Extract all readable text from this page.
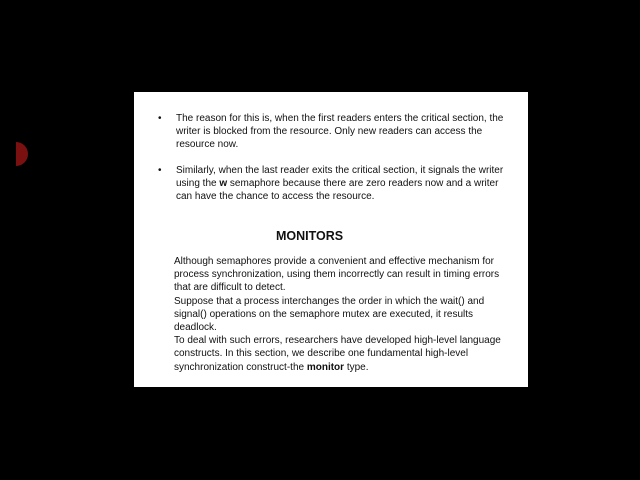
• The reason for this is, when the first readers enters the critical section, the writer is blocked from the resource. Only new readers can access the resource now.
• Similarly, when the last reader exits the critical section, it signals the writer using the w semaphore because there are zero readers now and a writer can have the chance to access the resource.
MONITORS

Although semaphores provide a convenient and effective mechanism for process synchronization, using them incorrectly can result in timing errors that are difficult to detect.

Suppose that a process interchanges the order in which the wait() and signal() operations on the semaphore mutex are executed, it results deadlock.

To deal with such errors, researchers have developed high-level language constructs. In this section, we describe one fundamental high-level synchronization construct-the monitor type.
